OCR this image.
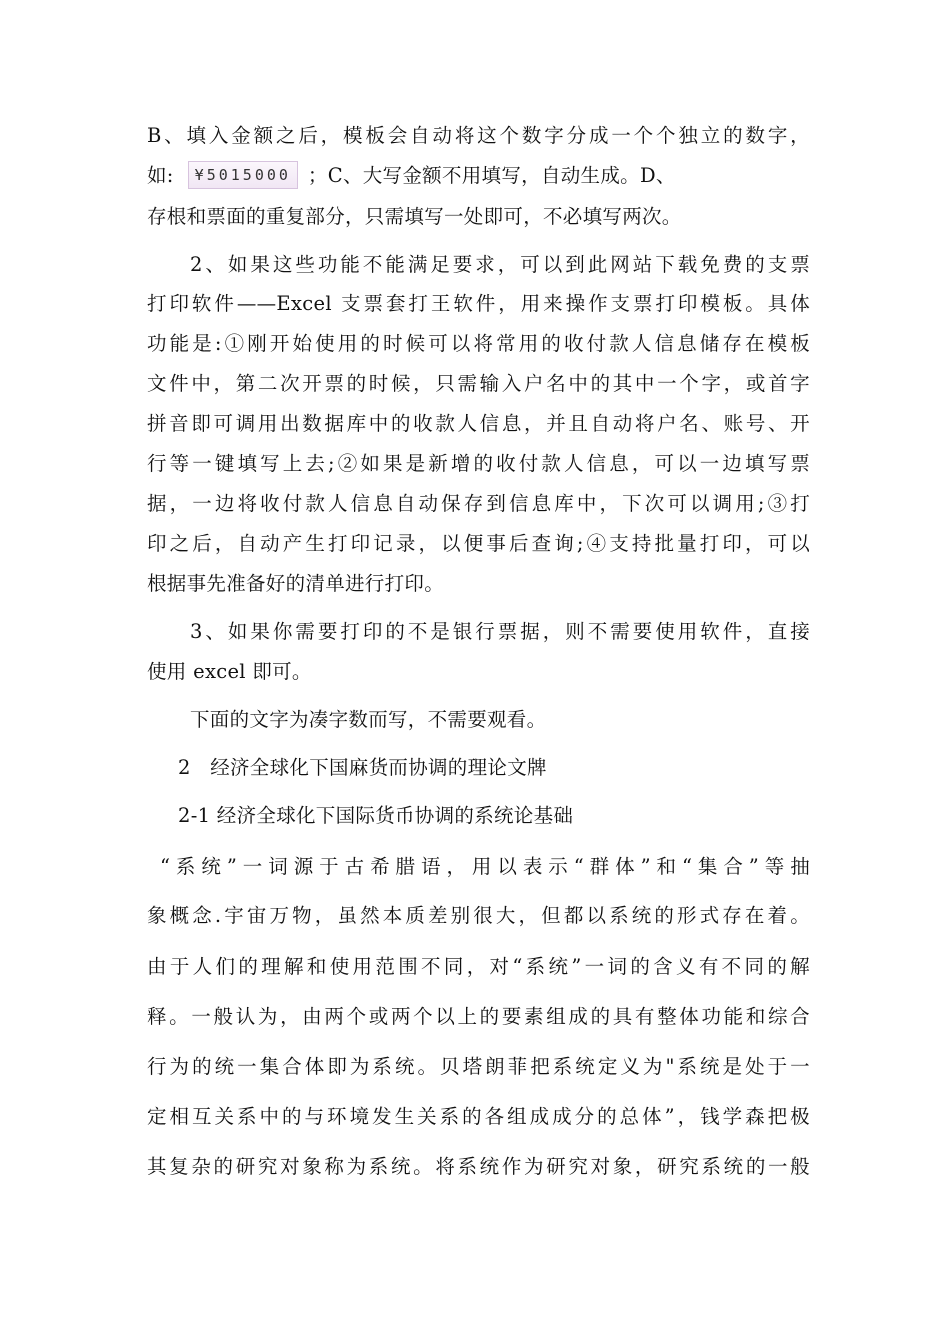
B、填入金额之后，模板会自动将这个数字分成一个个独立的数字，
如: ¥5015000 ；C、大写金额不用填写，自动生成。D、
存根和票面的重复部分，只需填写一处即可，不必填写两次。
2、如果这些功能不能满足要求，可以到此网站下载免费的支票
打印软件——Excel 支票套打王软件，用来操作支票打印模板。具体
功能是:①刚开始使用的时候可以将常用的收付款人信息储存在模板
文件中，第二次开票的时候，只需输入户名中的其中一个字，或首字
拼音即可调用出数据库中的收款人信息，并且自动将户名、账号、开
行等一键填写上去;②如果是新增的收付款人信息，可以一边填写票
据，一边将收付款人信息自动保存到信息库中，下次可以调用;③打
印之后，自动产生打印记录，以便事后查询;④支持批量打印，可以
根据事先准备好的清单进行打印。
3、如果你需要打印的不是银行票据，则不需要使用软件，直接
使用 excel 即可。
下面的文字为凑字数而写，不需要观看。
2   经济全球化下国麻货而协调的理论文牌
2-1 经济全球化下国际货币协调的系统论基础
“系统”一词源于古希腊语，用以表示“群体”和“集合”等抽
象概念.宇宙万物，虽然本质差别很大，但都以系统的形式存在着。
由于人们的理解和使用范围不同，对“系统”一词的含义有不同的解
释。一般认为，由两个或两个以上的要素组成的具有整体功能和综合
行为的统一集合体即为系统。贝塔朗菲把系统定义为"系统是处于一
定相互关系中的与环境发生关系的各组成成分的总体”，钱学森把极
其复杂的研究对象称为系统。将系统作为研究对象，研究系统的一般
